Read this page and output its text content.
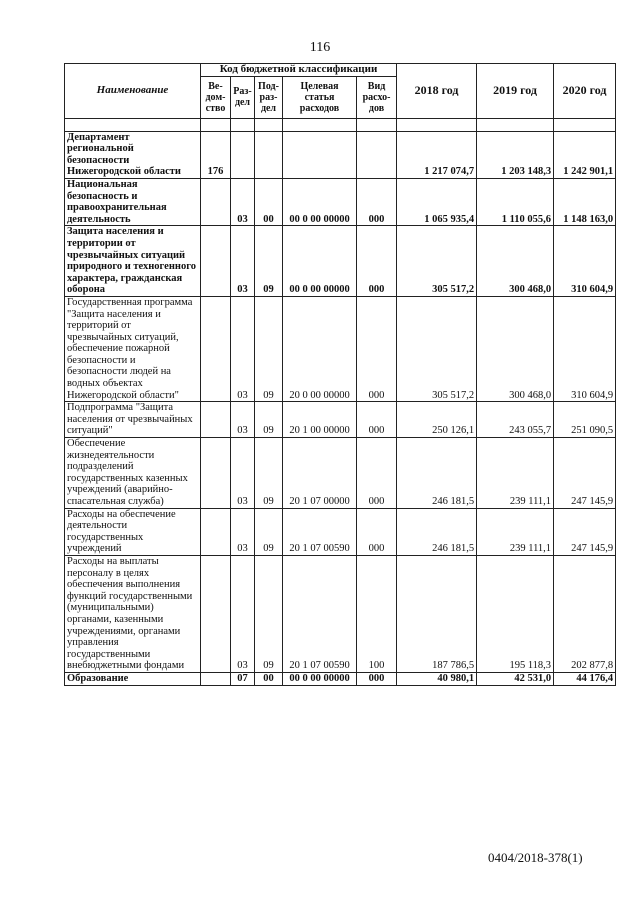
116
Наименование	Код бюджетной классификации					2018 год	2019 год	2020 год
	Ве-дом-ство	Раз-дел	Под-раз-дел	Целевая статья расходов	Вид расхо-дов			

Департамент региональной безопасности Нижегородской области	176					1 217 074,7	1 203 148,3	1 242 901,1
Национальная безопасность и правоохранительная деятельность		03	00	00 0 00 00000	000	1 065 935,4	1 110 055,6	1 148 163,0
Защита населения и территории от чрезвычайных ситуаций природного и техногенного характера, гражданская оборона		03	09	00 0 00 00000	000	305 517,2	300 468,0	310 604,9
Государственная программа "Защита населения и территорий от чрезвычайных ситуаций, обеспечение пожарной безопасности и безопасности людей на водных объектах Нижегородской области"		03	09	20 0 00 00000	000	305 517,2	300 468,0	310 604,9
Подпрограмма "Защита населения от чрезвычайных ситуаций"		03	09	20 1 00 00000	000	250 126,1	243 055,7	251 090,5
Обеспечение жизнедеятельности подразделений государственных казенных учреждений (аварийно-спасательная служба)		03	09	20 1 07 00000	000	246 181,5	239 111,1	247 145,9
Расходы на обеспечение деятельности государственных учреждений		03	09	20 1 07 00590	000	246 181,5	239 111,1	247 145,9
Расходы на выплаты персоналу в целях обеспечения выполнения функций государственными (муниципальными) органами, казенными учреждениями, органами управления государственными внебюджетными фондами		03	09	20 1 07 00590	100	187 786,5	195 118,3	202 877,8
Образование		07	00	00 0 00 00000	000	40 980,1	42 531,0	44 176,4
0404/2018-378(1)
